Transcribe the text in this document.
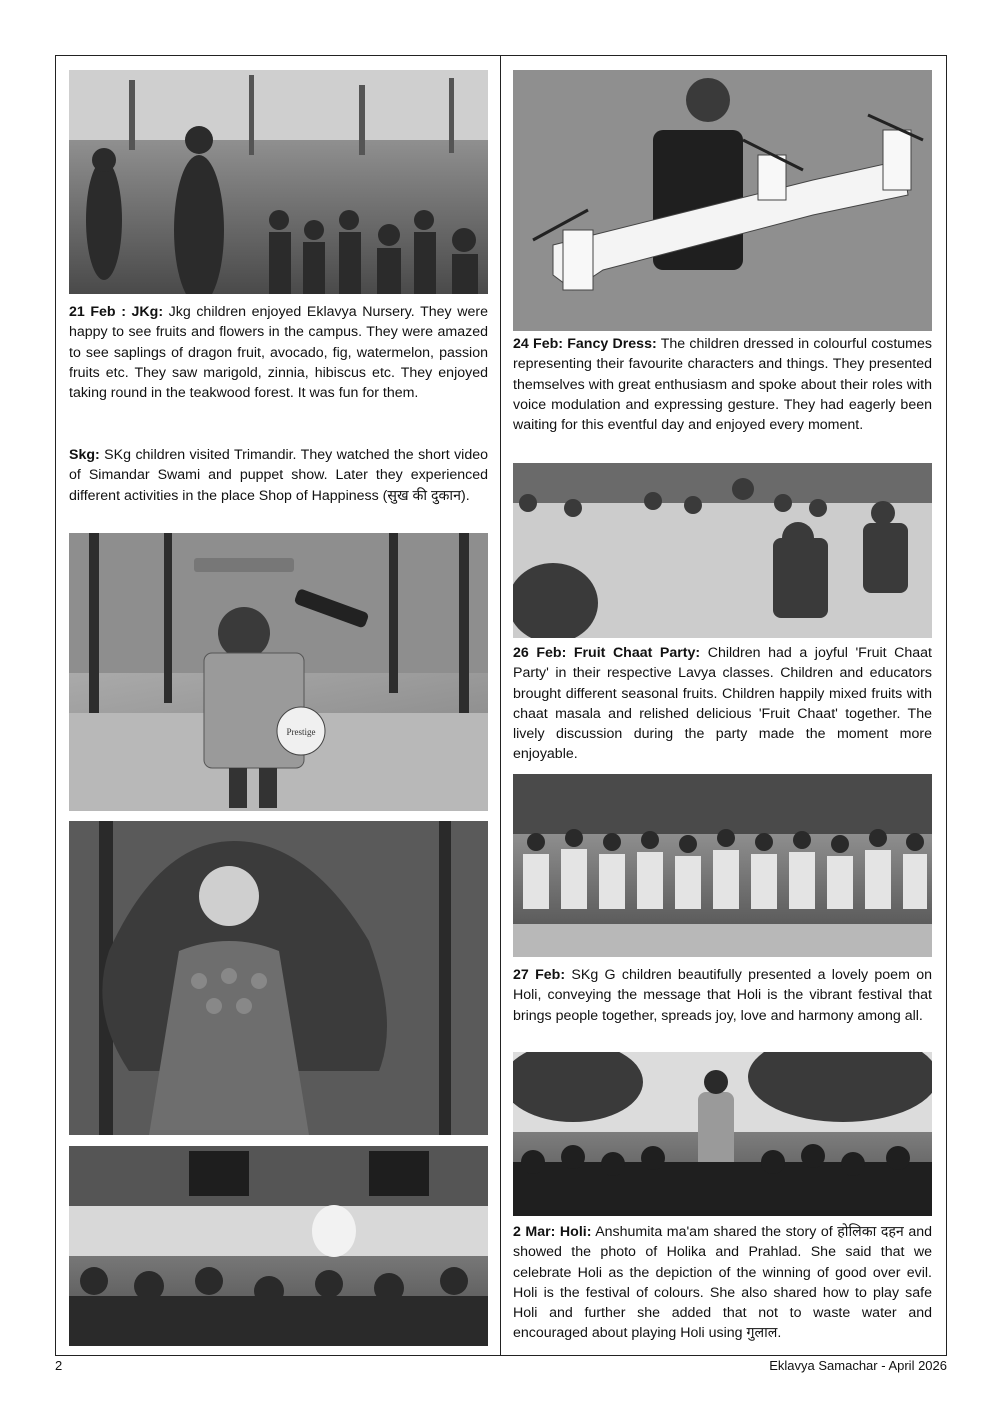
21 Feb : JKg: Jkg children enjoyed Eklavya Nursery. They were happy to see fruits and flowers in the campus. They were amazed to see saplings of dragon fruit, avocado, fig, watermelon, passion fruits etc. They saw marigold, zinnia, hibiscus etc. They enjoyed taking round in the teakwood forest. It was fun for them.

Skg: SKg children visited Trimandir. They watched the short video of Simandar Swami and puppet show. Later they experienced different activities in the place Shop of Happiness (सुख की दुकान).

Prestige

24 Feb: Fancy Dress: The children dressed in colourful costumes representing their favourite characters and things. They presented themselves with great enthusiasm and spoke about their roles with voice modulation and expressing gesture. They had eagerly been waiting for this eventful day and enjoyed every moment.

26 Feb: Fruit Chaat Party: Children had a joyful 'Fruit Chaat Party' in their respective Lavya classes. Children and educators brought different seasonal fruits. Children happily mixed fruits with chaat masala and relished delicious 'Fruit Chaat' together. The lively discussion during the party made the moment more enjoyable.

27 Feb: SKg G children beautifully presented a lovely poem on Holi, conveying the message that Holi is the vibrant festival that brings people together, spreads joy, love and harmony among all.

2 Mar: Holi: Anshumita ma'am shared the story of होलिका दहन and showed the photo of Holika and Prahlad. She said that we celebrate Holi as the depiction of the winning of good over evil. Holi is the festival of colours. She also shared how to play safe Holi and further she added that not to waste water and encouraged about playing Holi using गुलाल.

2	Eklavya Samachar - April 2026
